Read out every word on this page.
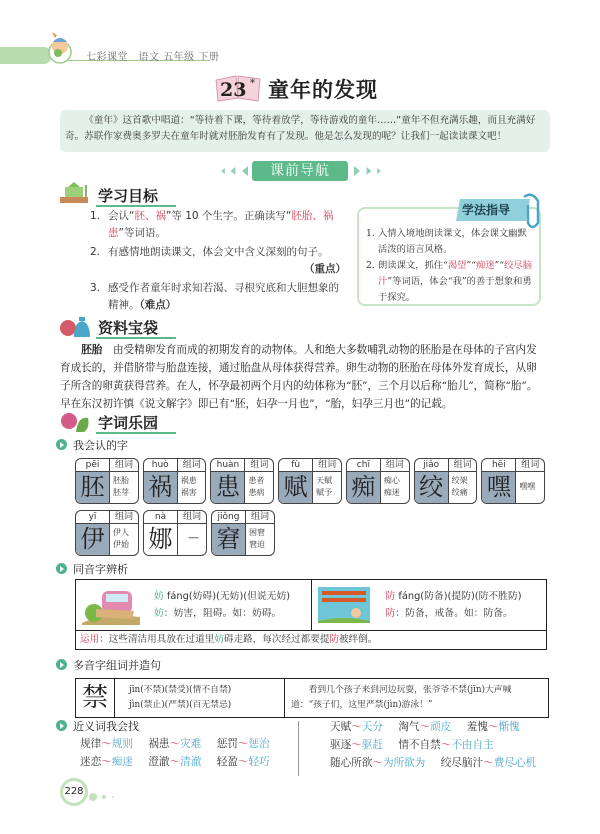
七彩课堂　语文 五年级 下册
23 * 童年的发现
《童年》这首歌中唱道：“等待着下课，等待着放学，等待游戏的童年……”童年不但充满乐趣，而且充满好奇。苏联作家费奥多罗夫在童年时就对胚胎发育有了发现。他是怎么发现的呢？让我们一起读读课文吧！
课前导航
学习目标
1. 会认“胚、祸”等 10 个生字。正确读写“胚胎、祸患”等词语。
2. 有感情地朗读课文，体会文中含义深刻的句子。
（重点）
3. 感受作者童年时求知若渴、寻根究底和大胆想象的精神。（难点）
学法指导
1. 入情入境地朗读课文，体会课文幽默活泼的语言风格。
2. 朗读课文，抓住“渴望”“痴迷”“绞尽脑汁”等词语，体会“我”的善于想象和勇于探究。
资料宝袋
胚胎　由受精卵发育而成的初期发育的动物体。人和绝大多数哺乳动物的胚胎是在母体的子宫内发育成长的，并借脐带与胎盘连接，通过胎盘从母体获得营养。卵生动物的胚胎在母体外发育成长，从卵子所含的卵黄获得营养。在人，怀孕最初两个月内的幼体称为“胚”，三个月以后称“胎儿”，简称“胎”。早在东汉初许慎《说文解字》即已有“胚，妇孕一月也”，“胎，妇孕三月也”的记载。
字词乐园
我会认的字
pēi	组词
胚	胚胎
胚芽
huò	组词
祸	祸患
祸害
huàn	组词
患	患者
患病
fù	组词
赋	天赋
赋予
chī	组词
痴	痴心
痴迷
jiǎo	组词
绞	绞架
绞痛
hēi	组词
嘿	嘿嘿
yī	组词
伊	伊人
伊始
nà	组词
娜	—
jiǒng	组词
窘	困窘
窘迫
同音字辨析
妨 fáng(妨碍)(无妨)(但说无妨)
妨：妨害，阻碍。如：妨碍。
防 fáng(防备)(提防)(防不胜防)
防：防备，戒备。如：防备。
运用：这些清洁用具放在过道里妨碍走路，每次经过都要提防被绊倒。
多音字组词并造句
禁	jīn(不禁)(禁受)(情不自禁)
jìn(禁止)(严禁)(百无禁忌)
看到几个孩子来到河边玩耍，张爷爷不禁(jīn)大声喊道：“孩子们，这里严禁(jìn)游泳！”
近义词我会找
规律～规则 祸患～灾难 惩罚～惩治
迷恋～痴迷 澄澈～清澈 轻盈～轻巧
天赋～天分 淘气～顽皮 羞愧～惭愧
驱逐～驱赶 情不自禁～不由自主
随心所欲～为所欲为 绞尽脑汁～费尽心机
228
